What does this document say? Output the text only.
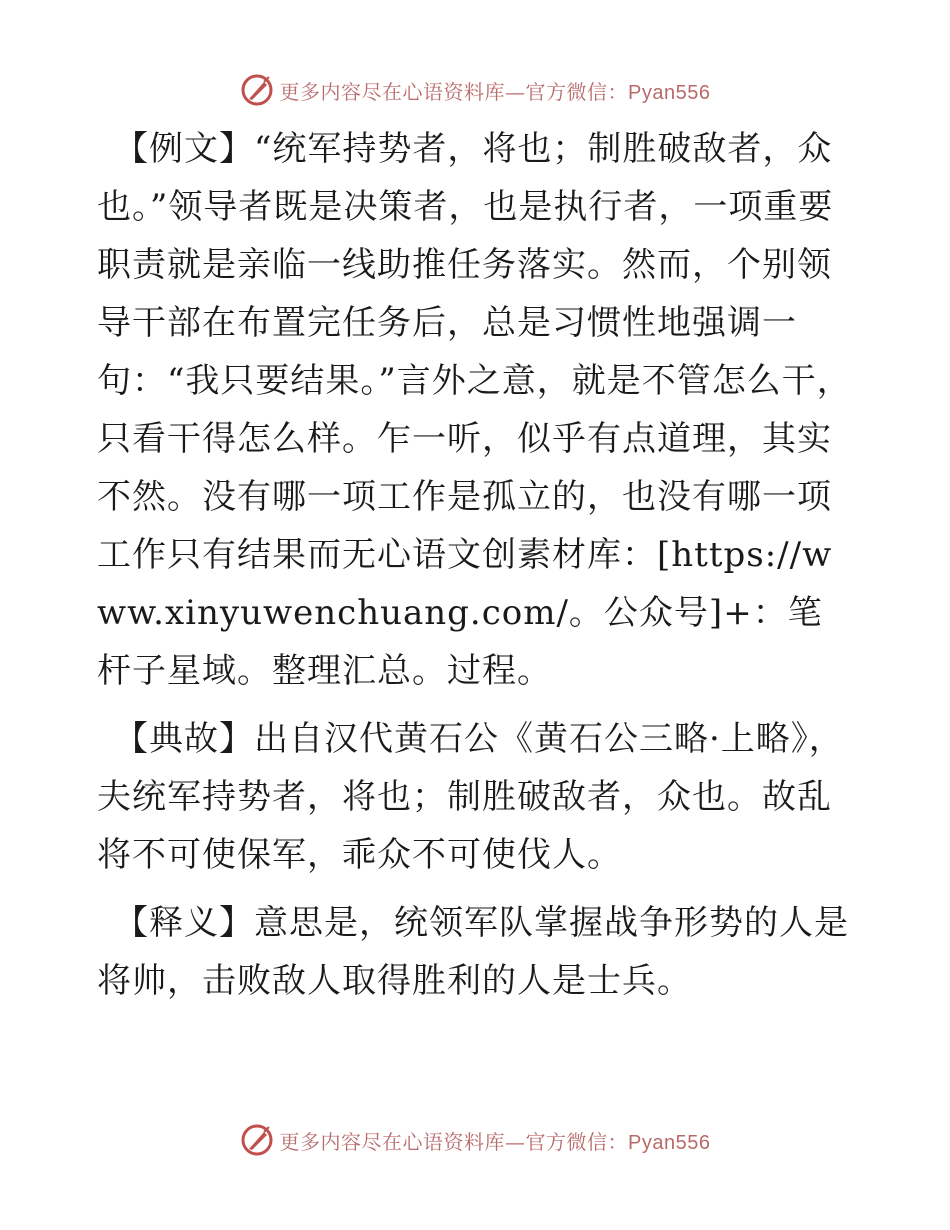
更多内容尽在心语资料库—官方微信：Pyan556

【例文】“统军持势者，将也；制胜破敌者，众也。”领导者既是决策者，也是执行者，一项重要职责就是亲临一线助推任务落实。然而，个别领导干部在布置完任务后，总是习惯性地强调一句：“我只要结果。”言外之意，就是不管怎么干，只看干得怎么样。乍一听，似乎有点道理，其实不然。没有哪一项工作是孤立的，也没有哪一项工作只有结果而无心语文创素材库：[https://www.xinyuwenchuang.com/。公众号]+：笔杆子星域。整理汇总。过程。

【典故】出自汉代黄石公《黄石公三略·上略》，夫统军持势者，将也；制胜破敌者，众也。故乱将不可使保军，乖众不可使伐人。

【释义】意思是，统领军队掌握战争形势的人是将帅，击败敌人取得胜利的人是士兵。

更多内容尽在心语资料库—官方微信：Pyan556
